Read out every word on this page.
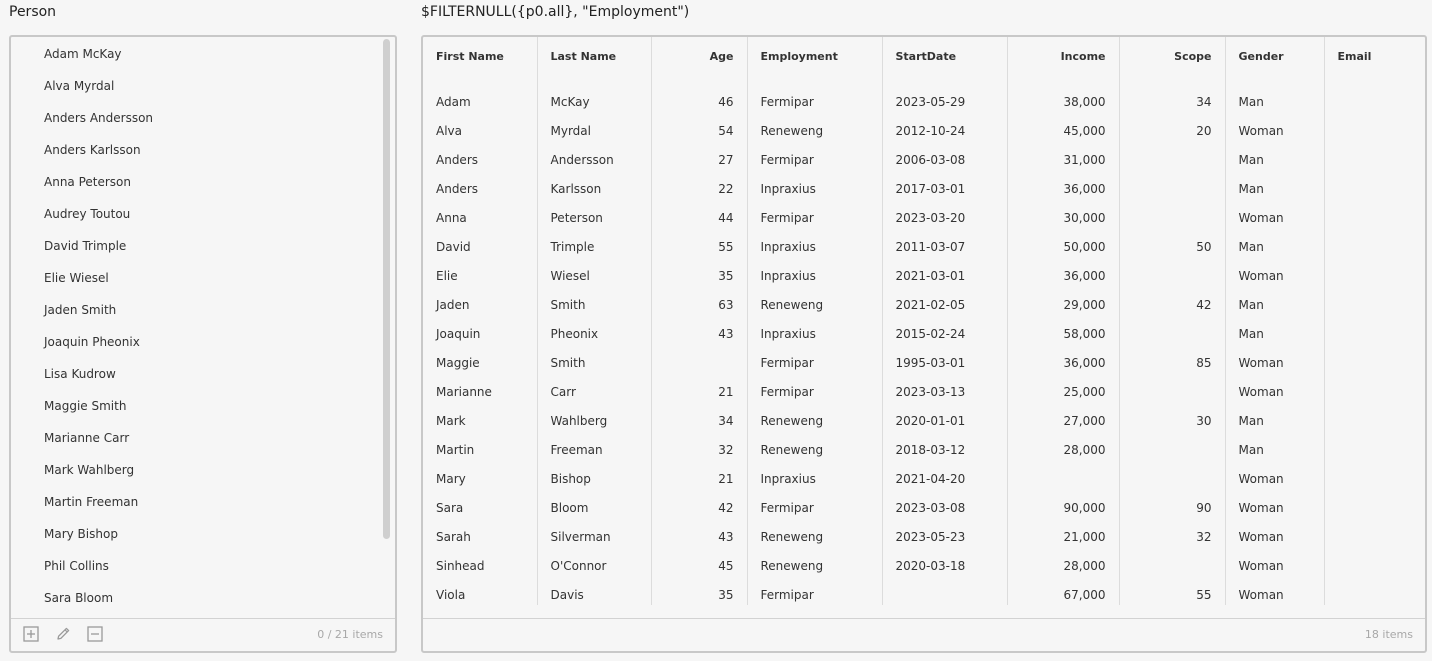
Person	$FILTERNULL({p0.all}, "Employment")
Adam McKay
Alva Myrdal
Anders Andersson
Anders Karlsson
Anna Peterson
Audrey Toutou
David Trimple
Elie Wiesel
Jaden Smith
Joaquin Pheonix
Lisa Kudrow
Maggie Smith
Marianne Carr
Mark Wahlberg
Martin Freeman
Mary Bishop
Phil Collins
Sara Bloom
0 / 21 items
First Name	Last Name	Age	Employment	StartDate	Income	Scope	Gender	Email

Adam	McKay	46	Fermipar	2023-05-29	38,000	34	Man	
Alva	Myrdal	54	Reneweng	2012-10-24	45,000	20	Woman	
Anders	Andersson	27	Fermipar	2006-03-08	31,000		Man	
Anders	Karlsson	22	Inpraxius	2017-03-01	36,000		Man	
Anna	Peterson	44	Fermipar	2023-03-20	30,000		Woman	
David	Trimple	55	Inpraxius	2011-03-07	50,000	50	Man	
Elie	Wiesel	35	Inpraxius	2021-03-01	36,000		Woman	
Jaden	Smith	63	Reneweng	2021-02-05	29,000	42	Man	
Joaquin	Pheonix	43	Inpraxius	2015-02-24	58,000		Man	
Maggie	Smith		Fermipar	1995-03-01	36,000	85	Woman	
Marianne	Carr	21	Fermipar	2023-03-13	25,000		Woman	
Mark	Wahlberg	34	Reneweng	2020-01-01	27,000	30	Man	
Martin	Freeman	32	Reneweng	2018-03-12	28,000		Man	
Mary	Bishop	21	Inpraxius	2021-04-20			Woman	
Sara	Bloom	42	Fermipar	2023-03-08	90,000	90	Woman	
Sarah	Silverman	43	Reneweng	2023-05-23	21,000	32	Woman	
Sinhead	O'Connor	45	Reneweng	2020-03-18	28,000		Woman	
Viola	Davis	35	Fermipar		67,000	55	Woman	
18 items
